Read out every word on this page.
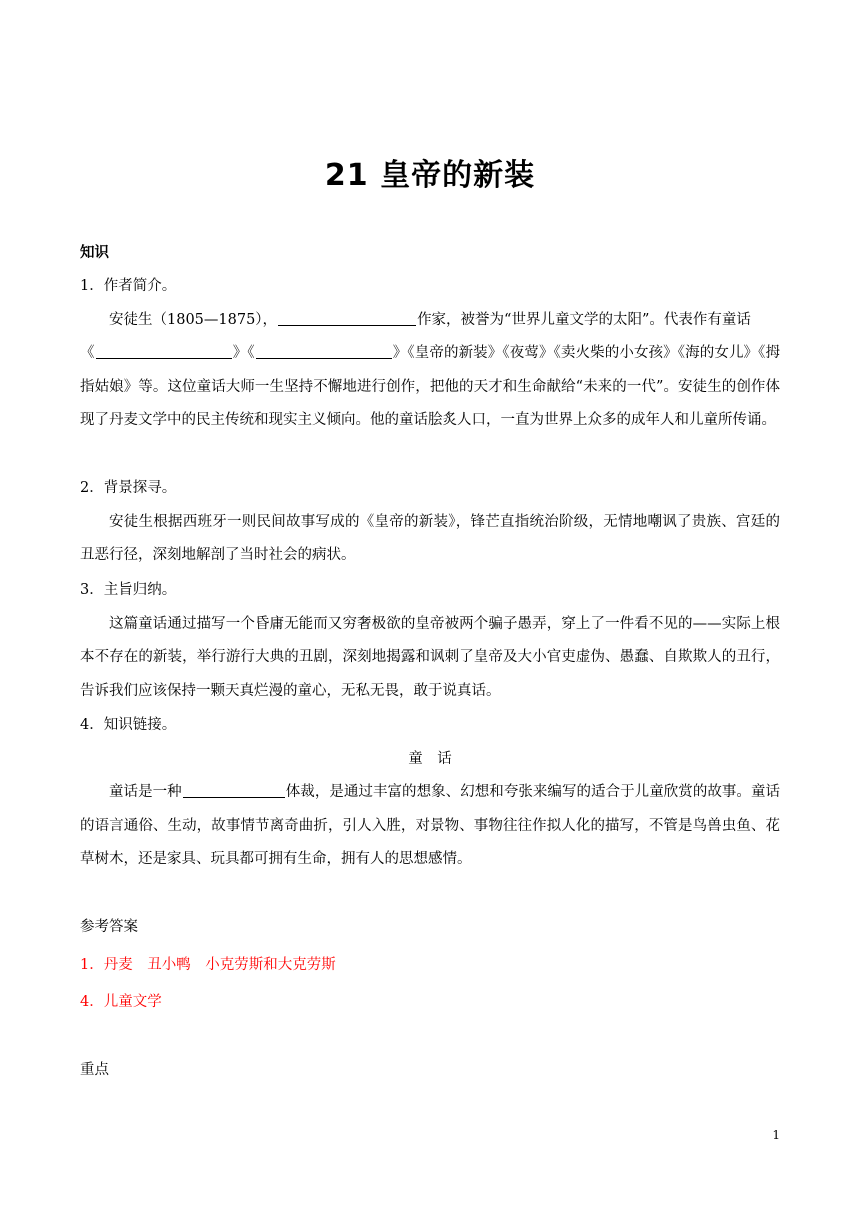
21 皇帝的新装
知识
1．作者简介。

安徒生（1805—1875），	作家，被誉为“世界儿童文学的太阳”。代表作有童话

《	》《	》《皇帝的新装》《夜莺》《卖火柴的小女孩》《海的女儿》《拇指姑娘》等。这位童话大师一生坚持不懈地进行创作，把他的天才和生命献给“未来的一代”。安徒生的创作体现了丹麦文学中的民主传统和现实主义倾向。他的童话脍炙人口，一直为世界上众多的成年人和儿童所传诵。

2．背景探寻。

安徒生根据西班牙一则民间故事写成的《皇帝的新装》，锋芒直指统治阶级，无情地嘲讽了贵族、宫廷的丑恶行径，深刻地解剖了当时社会的病状。

3．主旨归纳。

这篇童话通过描写一个昏庸无能而又穷奢极欲的皇帝被两个骗子愚弄，穿上了一件看不见的——实际上根本不存在的新装，举行游行大典的丑剧，深刻地揭露和讽刺了皇帝及大小官吏虚伪、愚蠢、自欺欺人的丑行，告诉我们应该保持一颗天真烂漫的童心，无私无畏，敢于说真话。

4．知识链接。
童　话

童话是一种	体裁，是通过丰富的想象、幻想和夸张来编写的适合于儿童欣赏的故事。童话的语言通俗、生动，故事情节离奇曲折，引人入胜，对景物、事物往往作拟人化的描写，不管是鸟兽虫鱼、花草树木，还是家具、玩具都可拥有生命，拥有人的思想感情。

参考答案
1．丹麦　丑小鸭　小克劳斯和大克劳斯
4．儿童文学
重点
1
